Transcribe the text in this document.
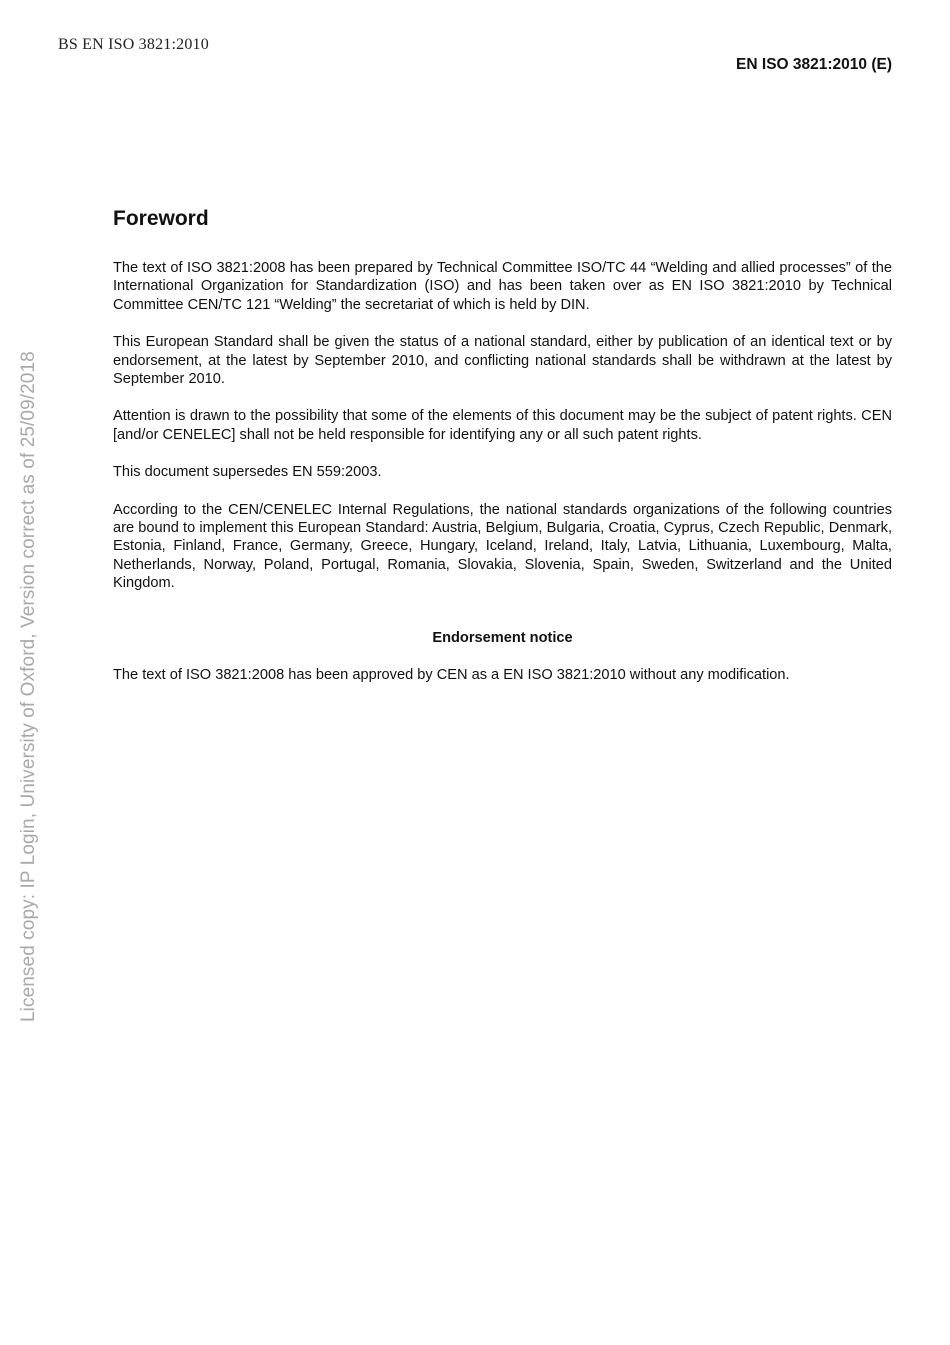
BS EN ISO 3821:2010
EN ISO 3821:2010 (E)
Licensed copy: IP Login, University of Oxford, Version correct as of 25/09/2018
Foreword

The text of ISO 3821:2008 has been prepared by Technical Committee ISO/TC 44 “Welding and allied processes” of the International Organization for Standardization (ISO) and has been taken over as EN ISO 3821:2010 by Technical Committee CEN/TC 121 “Welding” the secretariat of which is held by DIN.

This European Standard shall be given the status of a national standard, either by publication of an identical text or by endorsement, at the latest by September 2010, and conflicting national standards shall be withdrawn at the latest by September 2010.

Attention is drawn to the possibility that some of the elements of this document may be the subject of patent rights. CEN [and/or CENELEC] shall not be held responsible for identifying any or all such patent rights.

This document supersedes EN 559:2003.

According to the CEN/CENELEC Internal Regulations, the national standards organizations of the following countries are bound to implement this European Standard: Austria, Belgium, Bulgaria, Croatia, Cyprus, Czech Republic, Denmark, Estonia, Finland, France, Germany, Greece, Hungary, Iceland, Ireland, Italy, Latvia, Lithuania, Luxembourg, Malta, Netherlands, Norway, Poland, Portugal, Romania, Slovakia, Slovenia, Spain, Sweden, Switzerland and the United Kingdom.

Endorsement notice

The text of ISO 3821:2008 has been approved by CEN as a EN ISO 3821:2010 without any modification.
